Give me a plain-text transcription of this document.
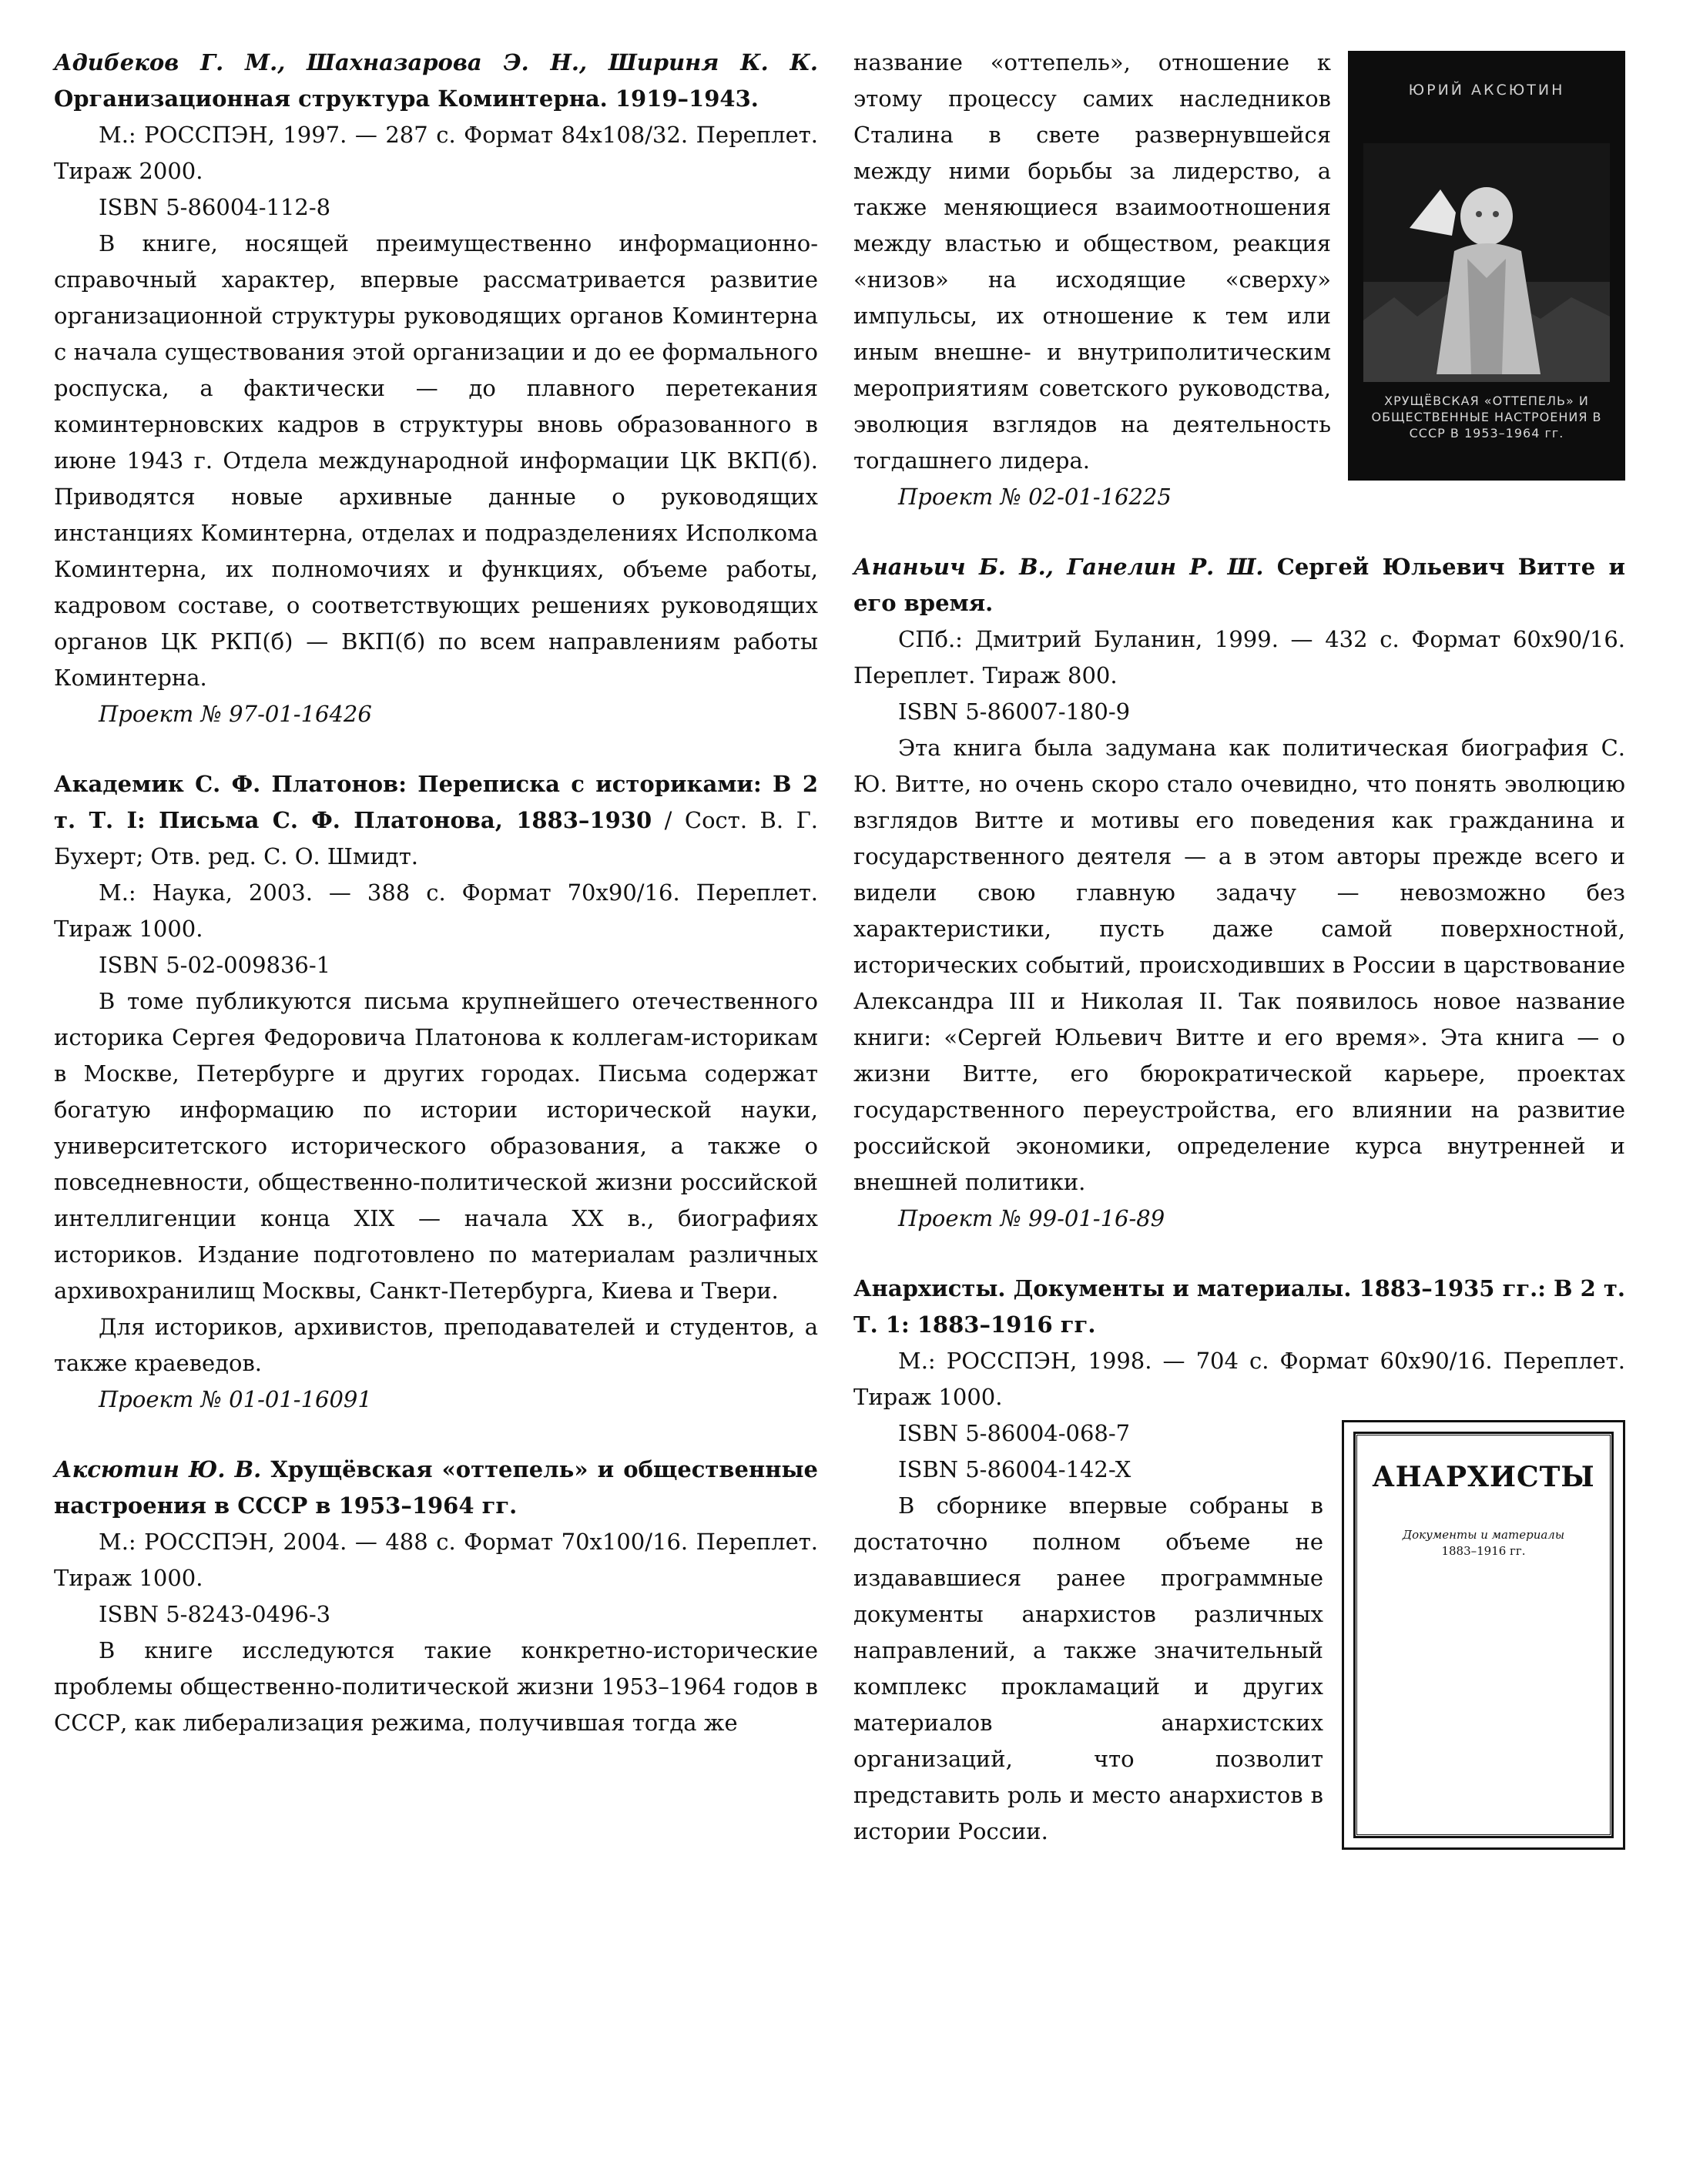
Адибеков Г. М., Шахназарова Э. Н., Шириня К. К. Организационная структура Коминтерна. 1919–1943.

М.: РОССПЭН, 1997. — 287 с. Формат 84х108/32. Переплет. Тираж 2000.

ISBN 5-86004-112-8

В книге, носящей преимущественно информационно-справочный характер, впервые рассматривается развитие организационной структуры руководящих органов Коминтерна с начала существования этой организации и до ее формального роспуска, а фактически — до плавного перетекания коминтерновских кадров в структуры вновь образованного в июне 1943 г. Отдела международной информации ЦК ВКП(б). Приводятся новые архивные данные о руководящих инстанциях Коминтерна, отделах и подразделениях Исполкома Коминтерна, их полномочиях и функциях, объеме работы, кадровом составе, о соответствующих решениях руководящих органов ЦК РКП(б) — ВКП(б) по всем направлениям работы Коминтерна.

Проект № 97-01-16426

Академик С. Ф. Платонов: Переписка с историками: В 2 т. Т. I: Письма С. Ф. Платонова, 1883–1930 / Сост. В. Г. Бухерт; Отв. ред. С. О. Шмидт.

М.: Наука, 2003. — 388 с. Формат 70х90/16. Переплет. Тираж 1000.

ISBN 5-02-009836-1

В томе публикуются письма крупнейшего отечественного историка Сергея Федоровича Платонова к коллегам-историкам в Москве, Петербурге и других городах. Письма содержат богатую информацию по истории исторической науки, университетского исторического образования, а также о повседневности, общественно-политической жизни российской интеллигенции конца XIX — начала XX в., биографиях историков. Издание подготовлено по материалам различных архивохранилищ Москвы, Санкт-Петербурга, Киева и Твери.

Для историков, архивистов, преподавателей и студентов, а также краеведов.

Проект № 01-01-16091

Аксютин Ю. В. Хрущёвская «оттепель» и общественные настроения в СССР в 1953–1964 гг.

М.: РОССПЭН, 2004. — 488 с. Формат 70х100/16. Переплет. Тираж 1000.

ISBN 5-8243-0496-3

В книге исследуются такие конкретно-исторические проблемы общественно-политической жизни 1953–1964 годов в СССР, как либерализация режима, получившая тогда же

ЮРИЙ АКСЮТИН
ХРУЩЁВСКАЯ «ОТТЕПЕЛЬ» И ОБЩЕСТВЕННЫЕ НАСТРОЕНИЯ В СССР В 1953–1964 гг.

название «оттепель», отношение к этому процессу самих наследников Сталина в свете развернувшейся между ними борьбы за лидерство, а также меняющиеся взаимоотношения между властью и обществом, реакция «низов» на исходящие «сверху» импульсы, их отношение к тем или иным внешне- и внутриполитическим мероприятиям советского руководства, эволюция взглядов на деятельность тогдашнего лидера.

Проект № 02-01-16225

Ананьич Б. В., Ганелин Р. Ш. Сергей Юльевич Витте и его время.

СПб.: Дмитрий Буланин, 1999. — 432 с. Формат 60х90/16. Переплет. Тираж 800.

ISBN 5-86007-180-9

Эта книга была задумана как политическая биография С. Ю. Витте, но очень скоро стало очевидно, что понять эволюцию взглядов Витте и мотивы его поведения как гражданина и государственного деятеля — а в этом авторы прежде всего и видели свою главную задачу — невозможно без характеристики, пусть даже самой поверхностной, исторических событий, происходивших в России в царствование Александра III и Николая II. Так появилось новое название книги: «Сергей Юльевич Витте и его время». Эта книга — о жизни Витте, его бюрократической карьере, проектах государственного переустройства, его влиянии на развитие российской экономики, определение курса внутренней и внешней политики.

Проект № 99-01-16-89

Анархисты. Документы и материалы. 1883–1935 гг.: В 2 т. Т. 1: 1883–1916 гг.

М.: РОССПЭН, 1998. — 704 с. Формат 60х90/16. Переплет. Тираж 1000.

АНАРХИСТЫ
Документы и материалы
1883–1916 гг.

ISBN 5-86004-068-7

ISBN 5-86004-142-X

В сборнике впервые собраны в достаточно полном объеме не издававшиеся ранее программные документы анархистов различных направлений, а также значительный комплекс прокламаций и других материалов анархистских организаций, что позволит представить роль и место анархистов в истории России.
